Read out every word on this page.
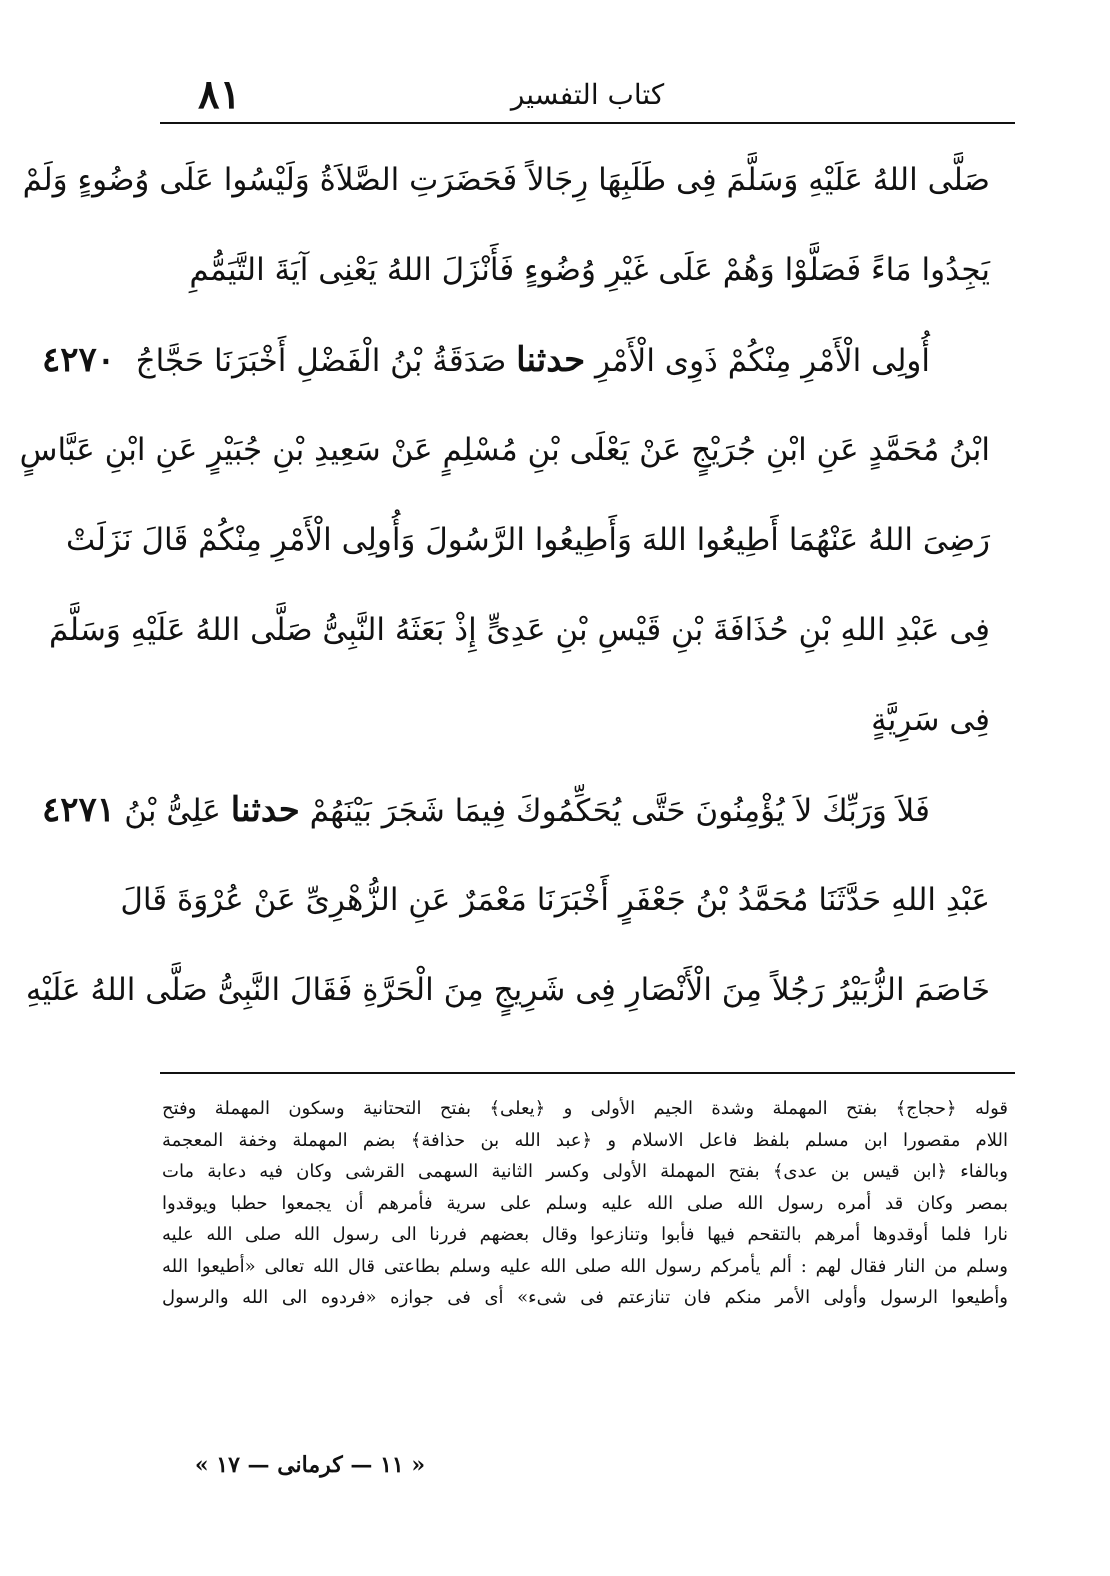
٨١	كتاب التفسير
صَلَّى اللهُ عَلَيْهِ وَسَلَّمَ فِى طَلَبِهَا رِجَالاً فَحَضَرَتِ الصَّلاَةُ وَلَيْسُوا عَلَى وُضُوءٍ وَلَمْ
يَجِدُوا مَاءً فَصَلَّوْا وَهُمْ عَلَى غَيْرِ وُضُوءٍ فَأَنْزَلَ اللهُ يَعْنِى آيَةَ التَّيَمُّمِ
٤٢٧٠	أُولِى الْأَمْرِ مِنْكُمْ ذَوِى الْأَمْرِ حدثنا صَدَقَةُ بْنُ الْفَضْلِ أَخْبَرَنَا حَجَّاجُ
ابْنُ مُحَمَّدٍ عَنِ ابْنِ جُرَيْجٍ عَنْ يَعْلَى بْنِ مُسْلِمٍ عَنْ سَعِيدِ بْنِ جُبَيْرٍ عَنِ ابْنِ عَبَّاسٍ
رَضِىَ اللهُ عَنْهُمَا أَطِيعُوا اللهَ وَأَطِيعُوا الرَّسُولَ وَأُولِى الْأَمْرِ مِنْكُمْ قَالَ نَزَلَتْ
فِى عَبْدِ اللهِ بْنِ حُذَافَةَ بْنِ قَيْسِ بْنِ عَدِىٍّ إِذْ بَعَثَهُ النَّبِىُّ صَلَّى اللهُ عَلَيْهِ وَسَلَّمَ
فِى سَرِيَّةٍ
٤٢٧١	فَلاَ وَرَبِّكَ لاَ يُؤْمِنُونَ حَتَّى يُحَكِّمُوكَ فِيمَا شَجَرَ بَيْنَهُمْ حدثنا عَلِىُّ بْنُ
عَبْدِ اللهِ حَدَّثَنَا مُحَمَّدُ بْنُ جَعْفَرٍ أَخْبَرَنَا مَعْمَرٌ عَنِ الزُّهْرِىِّ عَنْ عُرْوَةَ قَالَ
خَاصَمَ الزُّبَيْرُ رَجُلاً مِنَ الْأَنْصَارِ فِى شَرِيجٍ مِنَ الْحَرَّةِ فَقَالَ النَّبِىُّ صَلَّى اللهُ عَلَيْهِ
قوله ﴿حجاج﴾ بفتح المهملة وشدة الجيم الأولى و ﴿يعلى﴾ بفتح التحتانية وسكون المهملة وفتح
اللام مقصورا ابن مسلم بلفظ فاعل الاسلام و ﴿عبد الله بن حذافة﴾ بضم المهملة وخفة المعجمة
وبالفاء ﴿ابن قيس بن عدى﴾ بفتح المهملة الأولى وكسر الثانية السهمى القرشى وكان فيه دعابة مات
بمصر وكان قد أمره رسول الله صلى الله عليه وسلم على سرية فأمرهم أن يجمعوا حطبا ويوقدوا
نارا فلما أوقدوها أمرهم بالتقحم فيها فأبوا وتنازعوا وقال بعضهم فررنا الى رسول الله صلى الله عليه
وسلم من النار فقال لهم : ألم يأمركم رسول الله صلى الله عليه وسلم بطاعتى قال الله تعالى «أطيعوا الله
وأطيعوا الرسول وأولى الأمر منكم فان تنازعتم فى شىء» أى فى جوازه «فردوه الى الله والرسول
« ١١ — كرمانى — ١٧ »
